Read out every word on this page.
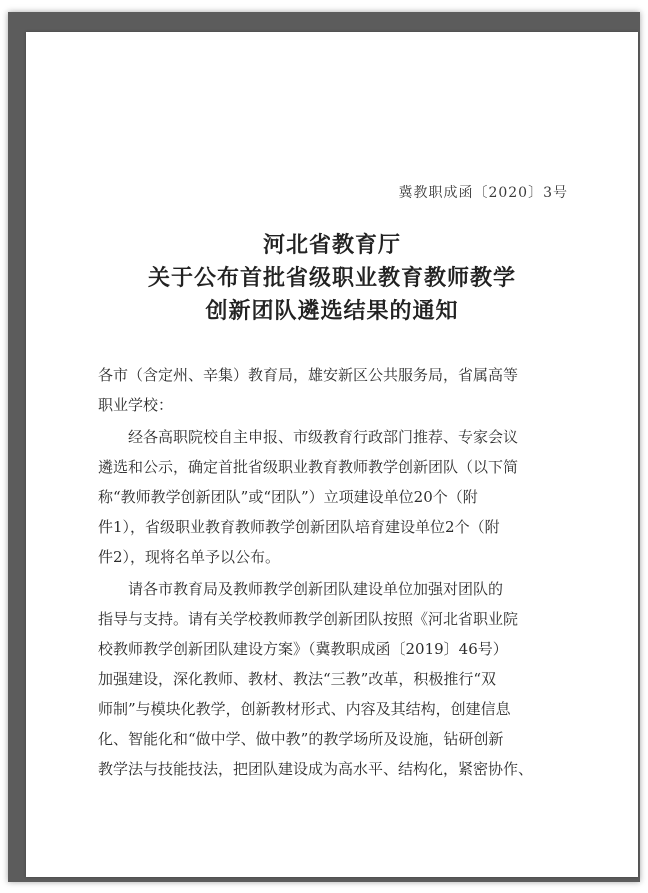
冀教职成函〔2020〕3号
河北省教育厅
关于公布首批省级职业教育教师教学
创新团队遴选结果的通知
各市（含定州、辛集）教育局，雄安新区公共服务局，省属高等
职业学校：
经各高职院校自主申报、市级教育行政部门推荐、专家会议
遴选和公示，确定首批省级职业教育教师教学创新团队（以下简
称“教师教学创新团队”或“团队”）立项建设单位20个（附
件1），省级职业教育教师教学创新团队培育建设单位2个（附
件2），现将名单予以公布。
请各市教育局及教师教学创新团队建设单位加强对团队的
指导与支持。请有关学校教师教学创新团队按照《河北省职业院
校教师教学创新团队建设方案》（冀教职成函〔2019〕46号）
加强建设，深化教师、教材、教法“三教”改革，积极推行“双
师制”与模块化教学，创新教材形式、内容及其结构，创建信息
化、智能化和“做中学、做中教”的教学场所及设施，钻研创新
教学法与技能技法，把团队建设成为高水平、结构化，紧密协作、
